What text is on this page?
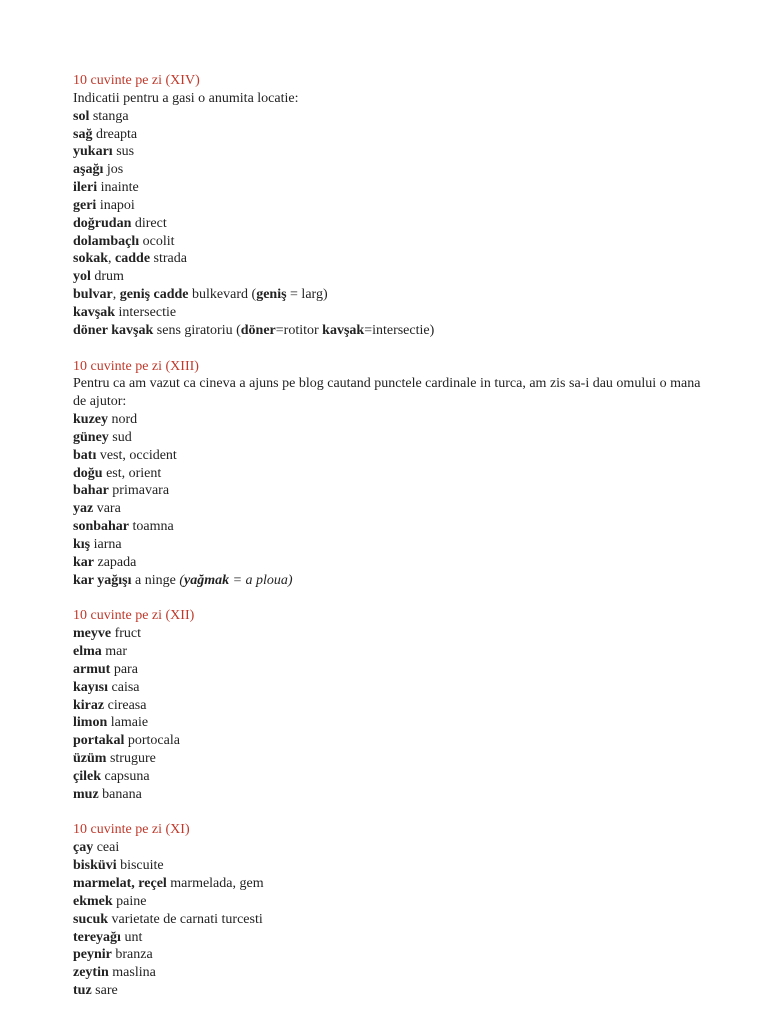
10 cuvinte pe zi (XIV)
Indicatii pentru a gasi o anumita locatie:
sol stanga
sağ dreapta
yukarı sus
aşağı jos
ileri inainte
geri inapoi
doğrudan direct
dolambaçlı ocolit
sokak, cadde strada
yol drum
bulvar, geniş cadde bulkevard (geniş = larg)
kavşak intersectie
döner kavşak sens giratoriu (döner=rotitor kavşak=intersectie)
10 cuvinte pe zi (XIII)
Pentru ca am vazut ca cineva a ajuns pe blog cautand punctele cardinale in turca, am zis sa-i dau omului o mana de ajutor:
kuzey nord
güney sud
batı vest, occident
doğu est, orient
bahar primavara
yaz vara
sonbahar toamna
kış iarna
kar zapada
kar yağışı a ninge (yağmak = a ploua)
10 cuvinte pe zi (XII)
meyve fruct
elma mar
armut para
kayısı caisa
kiraz cireasa
limon lamaie
portakal portocala
üzüm strugure
çilek capsuna
muz banana
10 cuvinte pe zi (XI)
çay ceai
bisküvi biscuite
marmelat, reçel marmelada, gem
ekmek paine
sucuk varietate de carnati turcesti
tereyağı unt
peynir branza
zeytin maslina
tuz sare
